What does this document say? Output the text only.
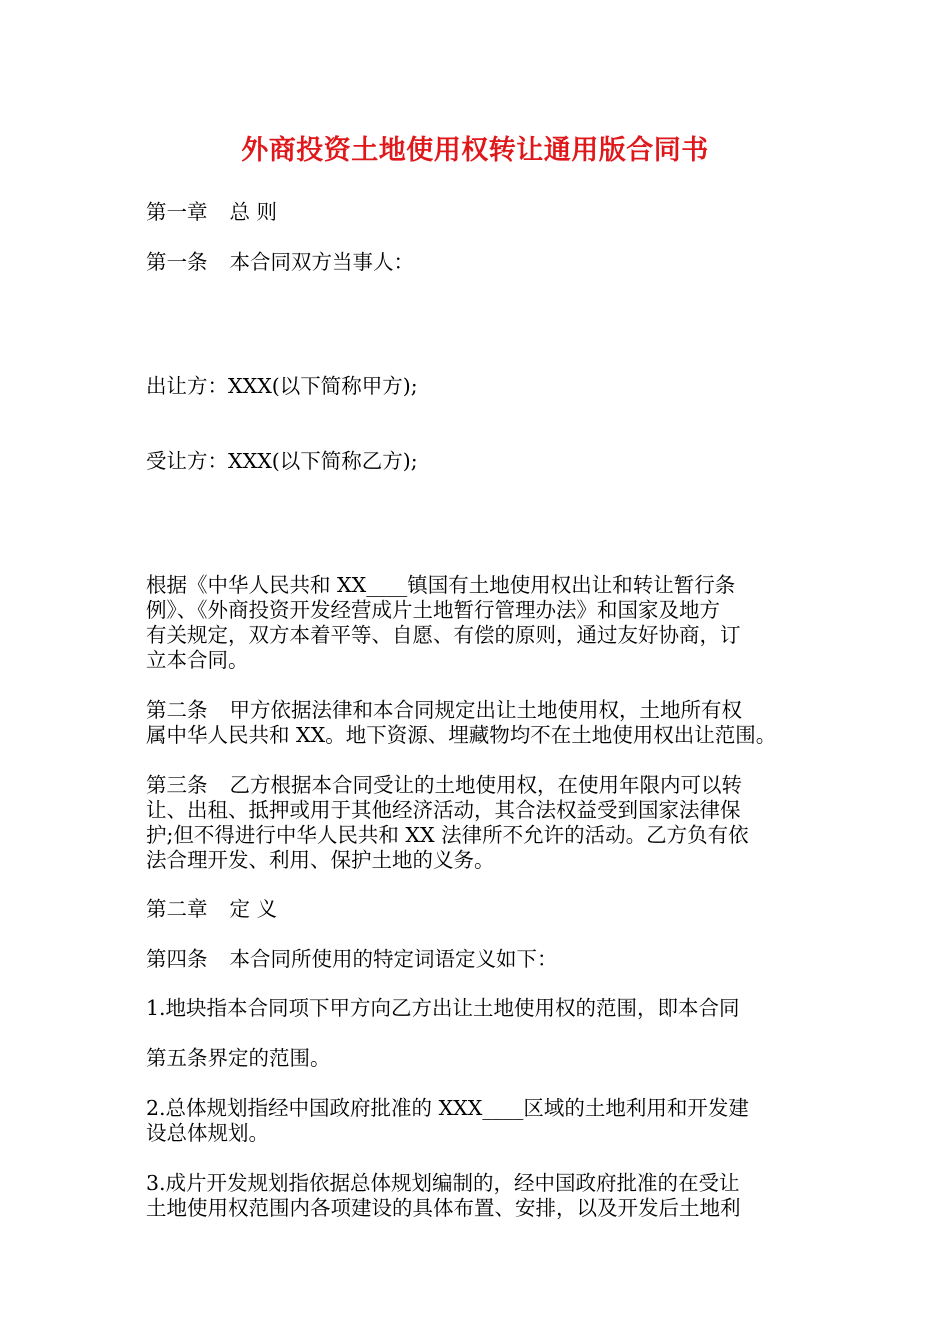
外商投资土地使用权转让通用版合同书
第一章 总 则
第一条 本合同双方当事人：
出让方：XXX(以下简称甲方);
受让方：XXX(以下简称乙方);
根据《中华人民共和 XX____镇国有土地使用权出让和转让暂行条
例》、《外商投资开发经营成片土地暂行管理办法》和国家及地方
有关规定，双方本着平等、自愿、有偿的原则，通过友好协商，订
立本合同。
第二条 甲方依据法律和本合同规定出让土地使用权，土地所有权
属中华人民共和 XX。地下资源、埋藏物均不在土地使用权出让范围。
第三条 乙方根据本合同受让的土地使用权，在使用年限内可以转
让、出租、抵押或用于其他经济活动，其合法权益受到国家法律保
护;但不得进行中华人民共和 XX 法律所不允许的活动。乙方负有依
法合理开发、利用、保护土地的义务。
第二章 定 义
第四条 本合同所使用的特定词语定义如下：
1.地块指本合同项下甲方向乙方出让土地使用权的范围，即本合同
第五条界定的范围。
2.总体规划指经中国政府批准的 XXX____区域的土地利用和开发建
设总体规划。
3.成片开发规划指依据总体规划编制的，经中国政府批准的在受让
土地使用权范围内各项建设的具体布置、安排，以及开发后土地利
